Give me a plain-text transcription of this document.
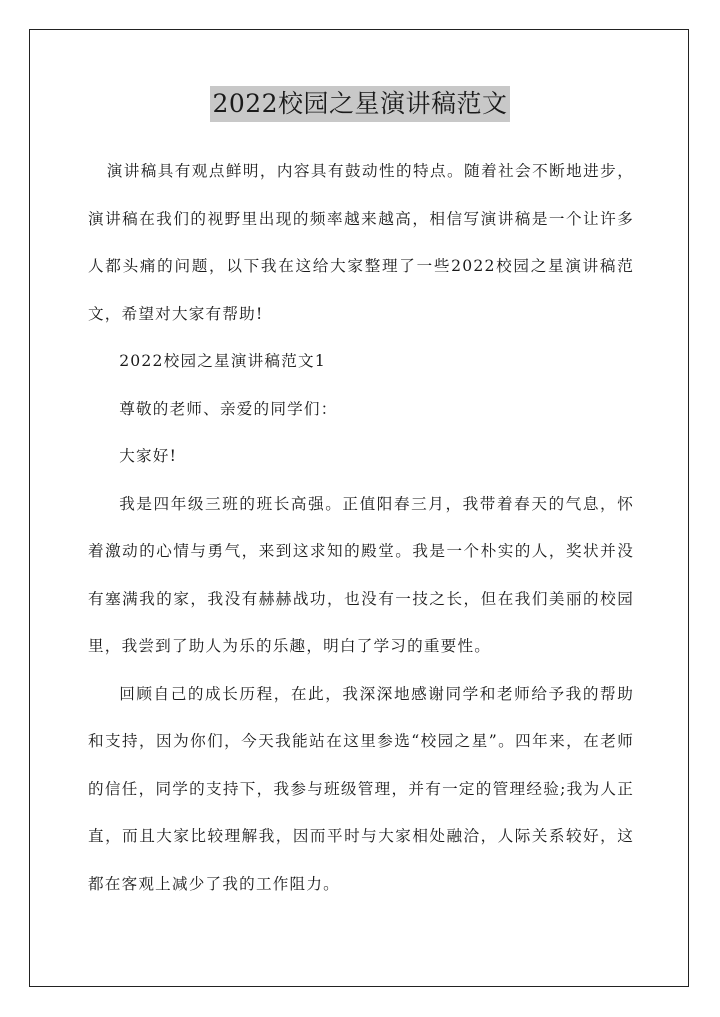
2022校园之星演讲稿范文

演讲稿具有观点鲜明，内容具有鼓动性的特点。随着社会不断地进步，演讲稿在我们的视野里出现的频率越来越高，相信写演讲稿是一个让许多人都头痛的问题，以下我在这给大家整理了一些2022校园之星演讲稿范文，希望对大家有帮助!

2022校园之星演讲稿范文1

尊敬的老师、亲爱的同学们：

大家好!

我是四年级三班的班长高强。正值阳春三月，我带着春天的气息，怀着激动的心情与勇气，来到这求知的殿堂。我是一个朴实的人，奖状并没有塞满我的家，我没有赫赫战功，也没有一技之长，但在我们美丽的校园里，我尝到了助人为乐的乐趣，明白了学习的重要性。

回顾自己的成长历程，在此，我深深地感谢同学和老师给予我的帮助和支持，因为你们，今天我能站在这里参选“校园之星”。四年来，在老师的信任，同学的支持下，我参与班级管理，并有一定的管理经验;我为人正直，而且大家比较理解我，因而平时与大家相处融洽，人际关系较好，这都在客观上减少了我的工作阻力。
